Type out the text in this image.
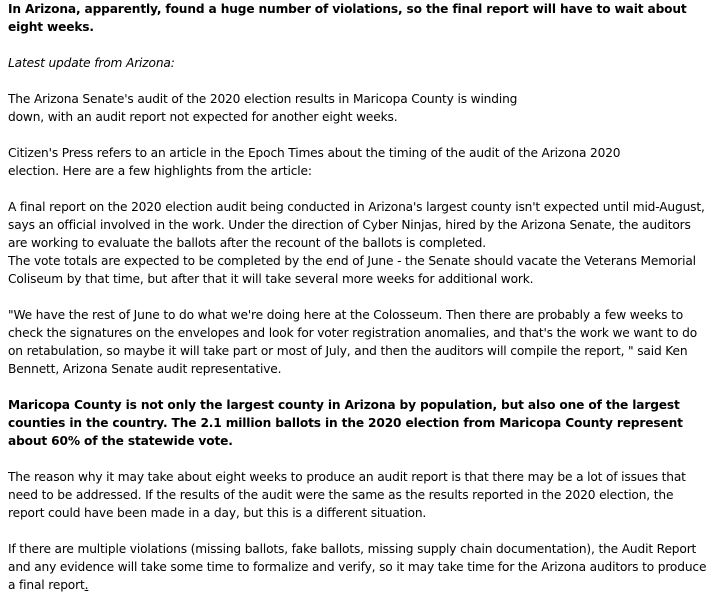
In Arizona, apparently, found a huge number of violations, so the final report will have to wait about eight weeks.

Latest update from Arizona:

The Arizona Senate's audit of the 2020 election results in Maricopa County is winding down, with an audit report not expected for another eight weeks.

Citizen's Press refers to an article in the Epoch Times about the timing of the audit of the Arizona 2020 election. Here are a few highlights from the article:

A final report on the 2020 election audit being conducted in Arizona's largest county isn't expected until mid-August, says an official involved in the work. Under the direction of Cyber Ninjas, hired by the Arizona Senate, the auditors are working to evaluate the ballots after the recount of the ballots is completed.

The vote totals are expected to be completed by the end of June - the Senate should vacate the Veterans Memorial Coliseum by that time, but after that it will take several more weeks for additional work.

"We have the rest of June to do what we're doing here at the Colosseum. Then there are probably a few weeks to check the signatures on the envelopes and look for voter registration anomalies, and that's the work we want to do on retabulation, so maybe it will take part or most of July, and then the auditors will compile the report, " said Ken Bennett, Arizona Senate audit representative.

Maricopa County is not only the largest county in Arizona by population, but also one of the largest counties in the country. The 2.1 million ballots in the 2020 election from Maricopa County represent about 60% of the statewide vote.

The reason why it may take about eight weeks to produce an audit report is that there may be a lot of issues that need to be addressed. If the results of the audit were the same as the results reported in the 2020 election, the report could have been made in a day, but this is a different situation.

If there are multiple violations (missing ballots, fake ballots, missing supply chain documentation), the Audit Report and any evidence will take some time to formalize and verify, so it may take time for the Arizona auditors to produce a final report.
